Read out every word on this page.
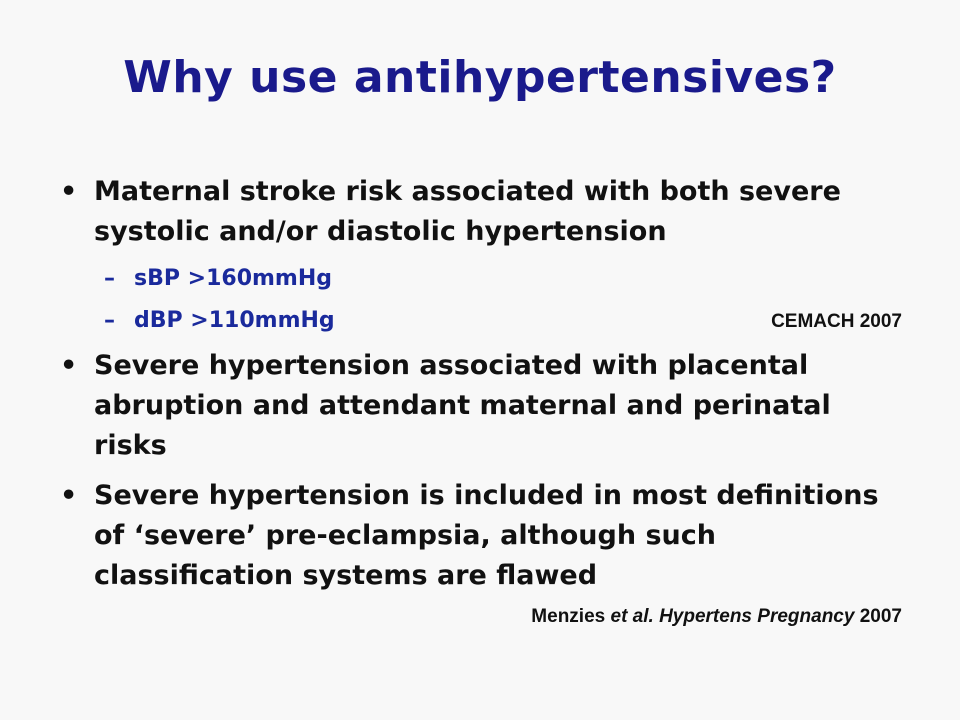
Why use antihypertensives?
• Maternal stroke risk associated with both severe systolic and/or diastolic hypertension
– sBP >160mmHg
– dBP >110mmHg	CEMACH 2007
• Severe hypertension associated with placental abruption and attendant maternal and perinatal risks
• Severe hypertension is included in most definitions of ‘severe’ pre-eclampsia, although such classification systems are flawed
Menzies et al. Hypertens Pregnancy 2007
